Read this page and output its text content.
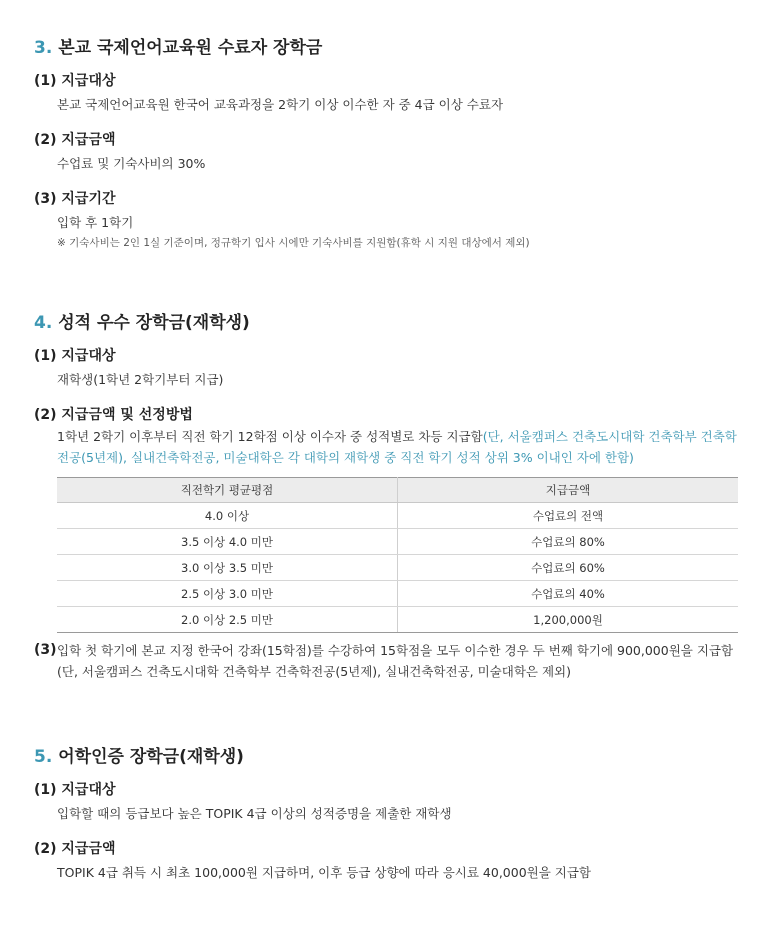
3. 본교 국제언어교육원 수료자 장학금
(1) 지급대상
본교 국제언어교육원 한국어 교육과정을 2학기 이상 이수한 자 중 4급 이상 수료자
(2) 지급금액
수업료 및 기숙사비의 30%
(3) 지급기간
입학 후 1학기
※ 기숙사비는 2인 1실 기준이며, 정규학기 입사 시에만 기숙사비를 지원함(휴학 시 지원 대상에서 제외)
4. 성적 우수 장학금(재학생)
(1) 지급대상
재학생(1학년 2학기부터 지급)
(2) 지급금액 및 선정방법

1학년 2학기 이후부터 직전 학기 12학점 이상 이수자 중 성적별로 차등 지급함(단, 서울캠퍼스 건축도시대학 건축학부 건축학전공(5년제), 실내건축학전공, 미술대학은 각 대학의 재학생 중 직전 학기 성적 상위 3% 이내인 자에 한함)

직전학기 평균평점	지급금액
4.0 이상	수업료의 전액
3.5 이상 4.0 미만	수업료의 80%
3.0 이상 3.5 미만	수업료의 60%
2.5 이상 3.0 미만	수업료의 40%
2.0 이상 2.5 미만	1,200,000원
(3) 입학 첫 학기에 본교 지정 한국어 강좌(15학점)를 수강하여 15학점을 모두 이수한 경우 두 번째 학기에 900,000원을 지급함 (단, 서울캠퍼스 건축도시대학 건축학부 건축학전공(5년제), 실내건축학전공, 미술대학은 제외)
5. 어학인증 장학금(재학생)
(1) 지급대상
입학할 때의 등급보다 높은 TOPIK 4급 이상의 성적증명을 제출한 재학생
(2) 지급금액
TOPIK 4급 취득 시 최초 100,000원 지급하며, 이후 등급 상향에 따라 응시료 40,000원을 지급함
